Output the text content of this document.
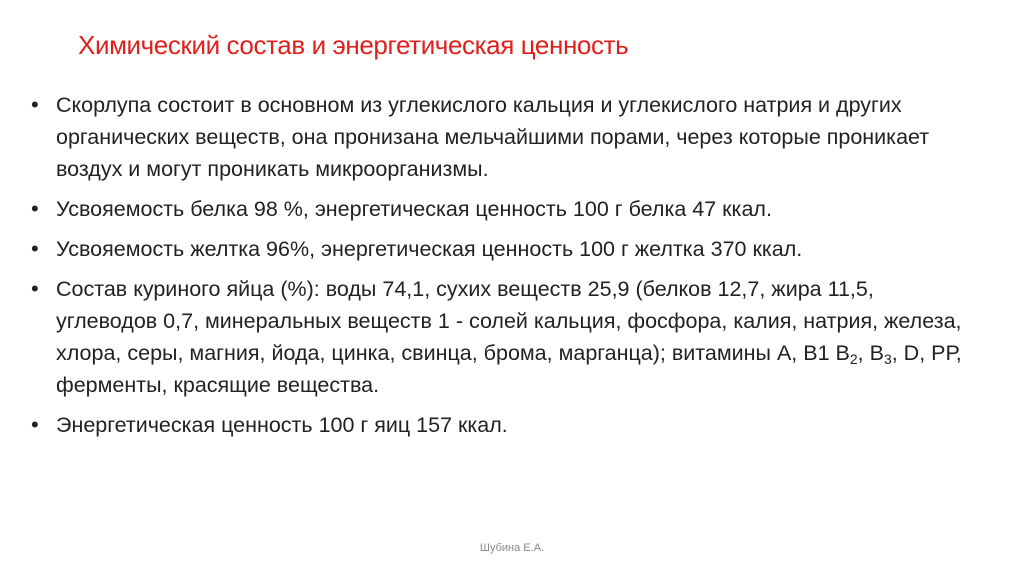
Химический состав и энергетическая ценность
• Скорлупа состоит в основном из углекислого кальция и углекислого натрия и других органических веществ, она пронизана мельчайшими порами, через которые проникает воздух и могут проникать микроорганизмы.
• Усвояемость белка 98 %, энергетическая ценность 100 г белка 47 ккал.
• Усвояемость желтка 96%, энергетическая ценность 100 г желтка 370 ккал.
• Состав куриного яйца (%): воды 74,1, сухих веществ 25,9 (белков 12,7, жира 11,5, углеводов 0,7, минеральных веществ 1 - солей кальция, фосфора, калия, натрия, железа, хлора, серы, магния, йода, цинка, свинца, брома, марганца); витамины А, В1 $В_2$, $В_3$, D, РР, ферменты, красящие вещества.
• Энергетическая ценность 100 г яиц 157 ккал.
Шубина Е.А.
